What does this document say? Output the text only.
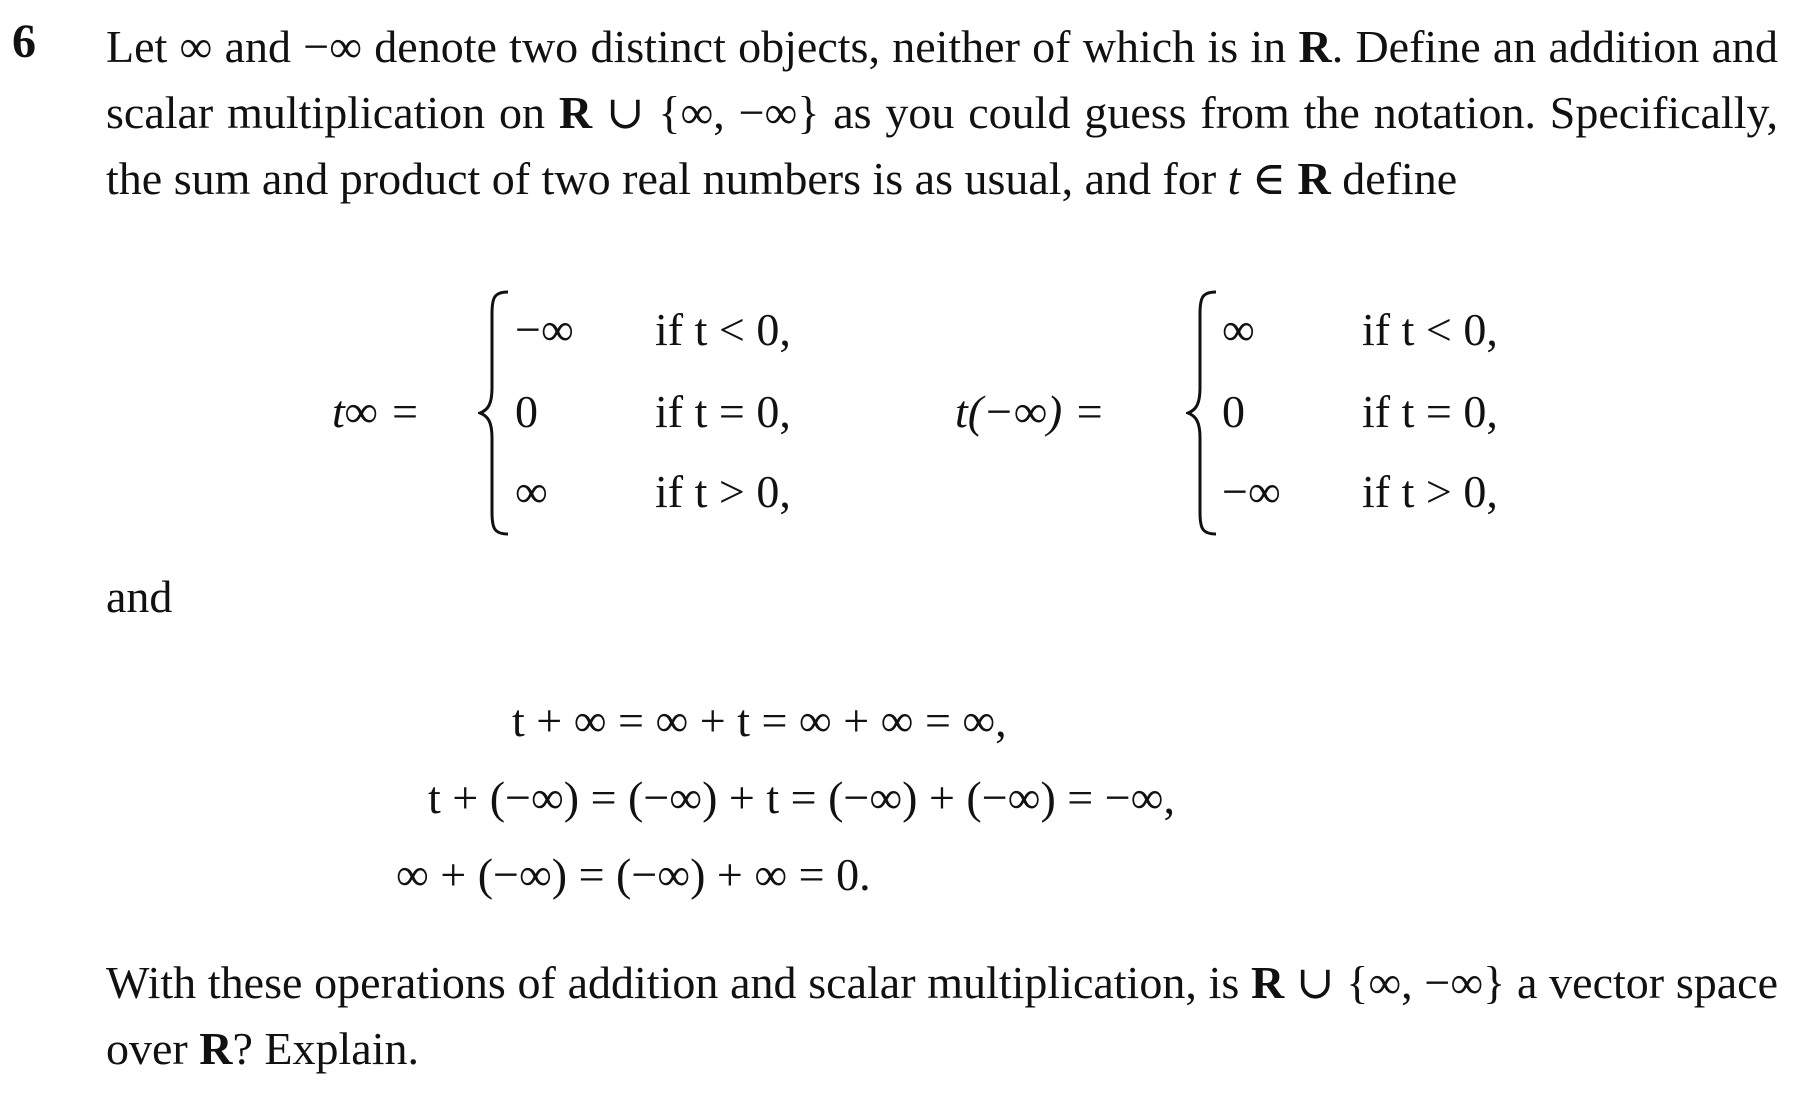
6 Let ∞ and −∞ denote two distinct objects, neither of which is in R. Define an addition and scalar multiplication on R ∪ {∞, −∞} as you could guess from the notation. Specifically, the sum and product of two real numbers is as usual, and for t ∈ R define

t∞ =
−∞
0
∞
if t < 0,
if t = 0,
if t > 0,
t(−∞) =
∞
0
−∞
if t < 0,
if t = 0,
if t > 0,
and
t + ∞ = ∞ + t = ∞ + ∞ = ∞,
t + (−∞) = (−∞) + t = (−∞) + (−∞) = −∞,
∞ + (−∞) = (−∞) + ∞ = 0.

With these operations of addition and scalar multiplication, is R ∪ {∞, −∞} a vector space over R? Explain.
